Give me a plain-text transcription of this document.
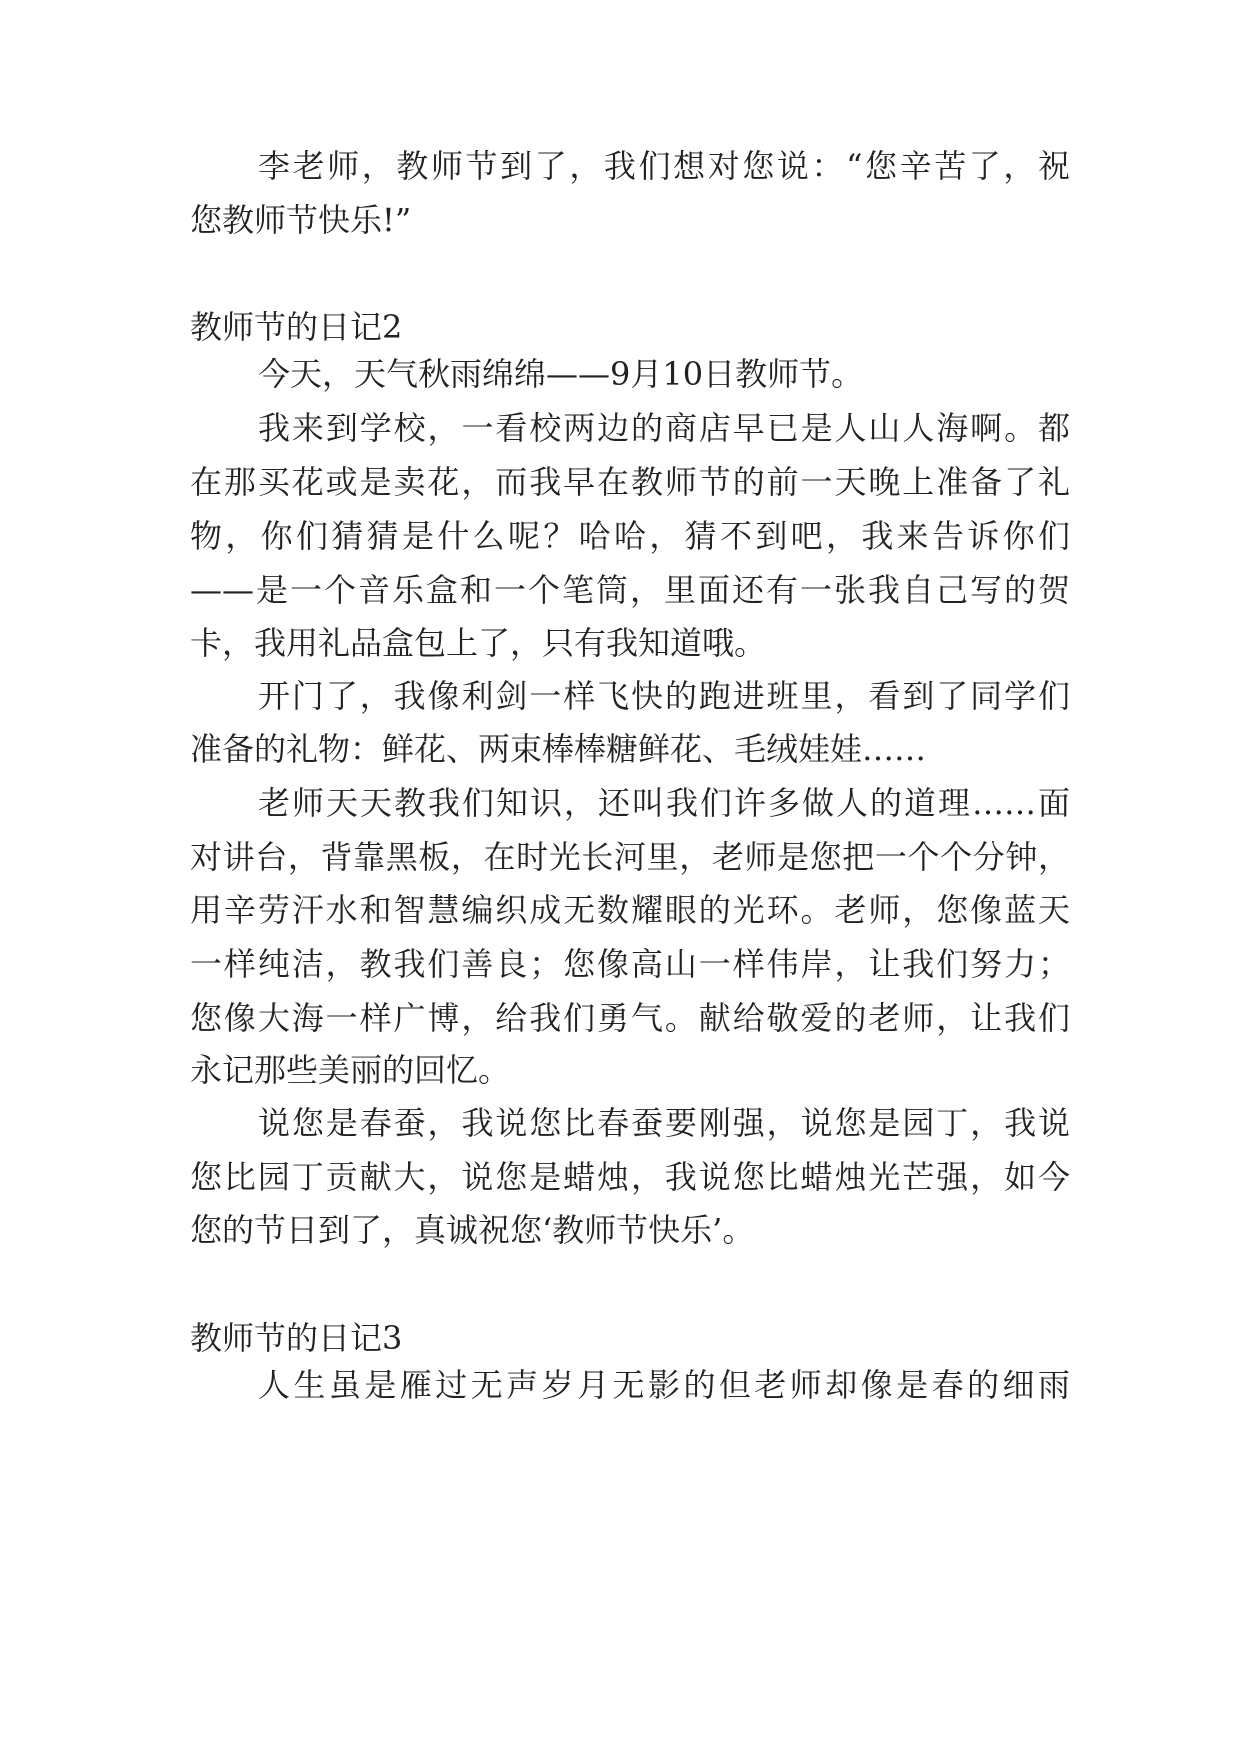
李老师，教师节到了，我们想对您说：“您辛苦了，祝

您教师节快乐!”

教师节的日记2

今天，天气秋雨绵绵——9月10日教师节。

我来到学校，一看校两边的商店早已是人山人海啊。都

在那买花或是卖花，而我早在教师节的前一天晚上准备了礼

物，你们猜猜是什么呢？哈哈，猜不到吧，我来告诉你们

——是一个音乐盒和一个笔筒，里面还有一张我自己写的贺

卡，我用礼品盒包上了，只有我知道哦。

开门了，我像利剑一样飞快的跑进班里，看到了同学们

准备的礼物：鲜花、两束棒棒糖鲜花、毛绒娃娃……

老师天天教我们知识，还叫我们许多做人的道理……面

对讲台，背靠黑板，在时光长河里，老师是您把一个个分钟，

用辛劳汗水和智慧编织成无数耀眼的光环。老师，您像蓝天

一样纯洁，教我们善良；您像高山一样伟岸，让我们努力；

您像大海一样广博，给我们勇气。献给敬爱的老师，让我们

永记那些美丽的回忆。

说您是春蚕，我说您比春蚕要刚强，说您是园丁，我说

您比园丁贡献大，说您是蜡烛，我说您比蜡烛光芒强，如今

您的节日到了，真诚祝您‘教师节快乐’。

教师节的日记3

人生虽是雁过无声岁月无影的但老师却像是春的细雨
